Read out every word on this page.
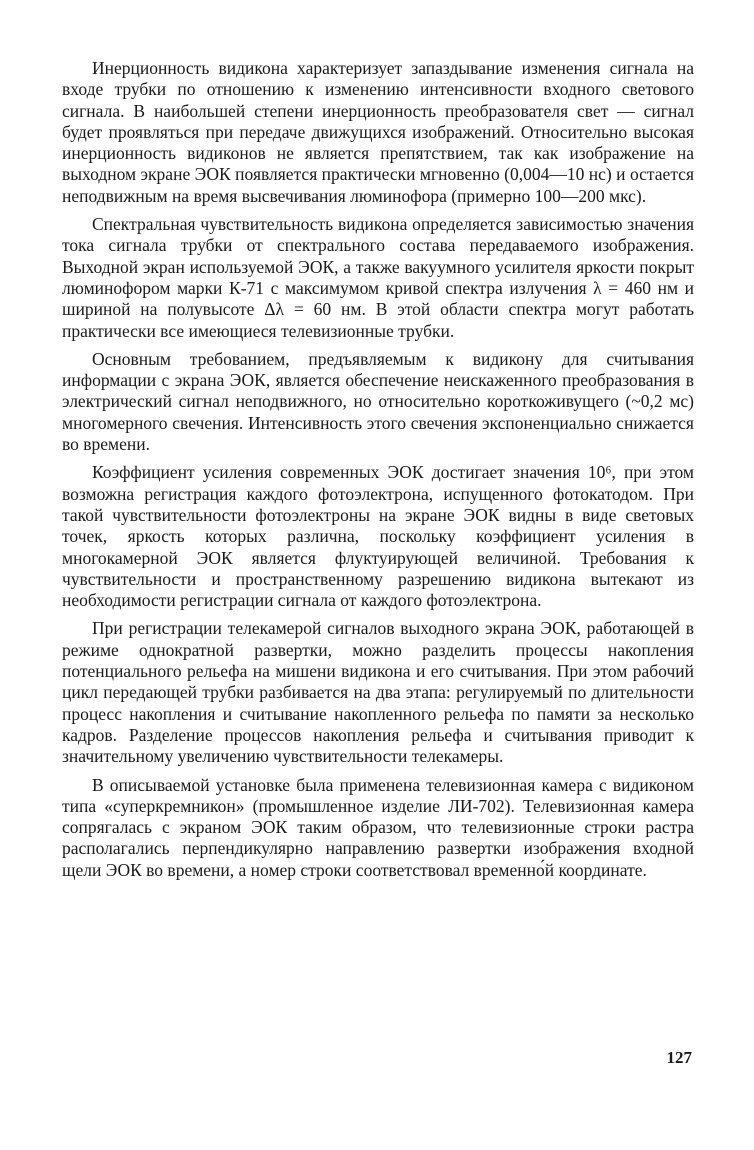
Инерционность видикона характеризует запаздывание изменения сигнала на входе трубки по отношению к изменению интенсивности входного светового сигнала. В наибольшей степени инерционность преобразователя свет — сигнал будет проявляться при передаче движущихся изображений. Относительно высокая инерционность видиконов не является препятствием, так как изображение на выходном экране ЭОК появляется практически мгновенно (0,004—10 нс) и остается неподвижным на время высвечивания люминофора (примерно 100—200 мкс).

Спектральная чувствительность видикона определяется зависимостью значения тока сигнала трубки от спектрального состава передаваемого изображения. Выходной экран используемой ЭОК, а также вакуумного усилителя яркости покрыт люминофором марки К-71 с максимумом кривой спектра излучения λ = 460 нм и шириной на полувысоте Δλ = 60 нм. В этой области спектра могут работать практически все имеющиеся телевизионные трубки.

Основным требованием, предъявляемым к видикону для считывания информации с экрана ЭОК, является обеспечение неискаженного преобразования в электрический сигнал неподвижного, но относительно короткоживущего (~0,2 мс) многомерного свечения. Интенсивность этого свечения экспоненциально снижается во времени.

Коэффициент усиления современных ЭОК достигает значения 10⁶, при этом возможна регистрация каждого фотоэлектрона, испущенного фотокатодом. При такой чувствительности фотоэлектроны на экране ЭОК видны в виде световых точек, яркость которых различна, поскольку коэффициент усиления в многокамерной ЭОК является флуктуирующей величиной. Требования к чувствительности и пространственному разрешению видикона вытекают из необходимости регистрации сигнала от каждого фотоэлектрона.

При регистрации телекамерой сигналов выходного экрана ЭОК, работающей в режиме однократной развертки, можно разделить процессы накопления потенциального рельефа на мишени видикона и его считывания. При этом рабочий цикл передающей трубки разбивается на два этапа: регулируемый по длительности процесс накопления и считывание накопленного рельефа по памяти за несколько кадров. Разделение процессов накопления рельефа и считывания приводит к значительному увеличению чувствительности телекамеры.

В описываемой установке была применена телевизионная камера с видиконом типа «суперкремникон» (промышленное изделие ЛИ-702). Телевизионная камера сопрягалась с экраном ЭОК таким образом, что телевизионные строки растра располагались перпендикулярно направлению развертки изображения входной щели ЭОК во времени, а номер строки соответствовал временно́й координате.

127
